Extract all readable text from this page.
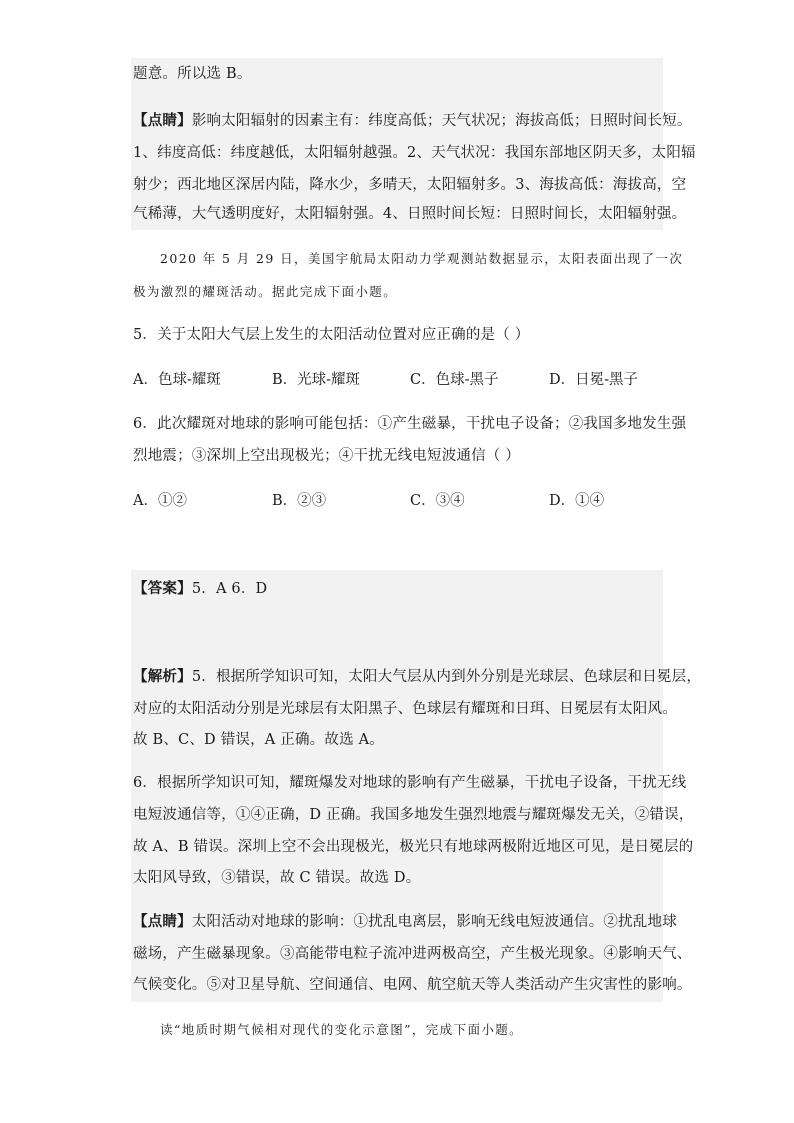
题意。所以选 B。
【点睛】影响太阳辐射的因素主有：纬度高低；天气状况；海拔高低；日照时间长短。
1、纬度高低：纬度越低，太阳辐射越强。2、天气状况：我国东部地区阴天多，太阳辐
射少；西北地区深居内陆，降水少，多晴天，太阳辐射多。3、海拔高低：海拔高，空
气稀薄，大气透明度好，太阳辐射强。4、日照时间长短：日照时间长，太阳辐射强。
2020 年 5 月 29 日，美国宇航局太阳动力学观测站数据显示，太阳表面出现了一次
极为激烈的耀斑活动。据此完成下面小题。
5．关于太阳大气层上发生的太阳活动位置对应正确的是（ ）
A．色球-耀斑	B．光球-耀斑	C．色球-黑子	D．日冕-黑子
6．此次耀斑对地球的影响可能包括：①产生磁暴，干扰电子设备；②我国多地发生强
烈地震；③深圳上空出现极光；④干扰无线电短波通信（ ）
A．①②	B．②③	C．③④	D．①④
【答案】5．A 6．D
【解析】5．根据所学知识可知，太阳大气层从内到外分别是光球层、色球层和日冕层，
对应的太阳活动分别是光球层有太阳黑子、色球层有耀斑和日珥、日冕层有太阳风。
故 B、C、D 错误，A 正确。故选 A。
6．根据所学知识可知，耀斑爆发对地球的影响有产生磁暴，干扰电子设备，干扰无线
电短波通信等，①④正确，D 正确。我国多地发生强烈地震与耀斑爆发无关，②错误，
故 A、B 错误。深圳上空不会出现极光，极光只有地球两极附近地区可见，是日冕层的
太阳风导致，③错误，故 C 错误。故选 D。
【点睛】太阳活动对地球的影响：①扰乱电离层，影响无线电短波通信。②扰乱地球
磁场，产生磁暴现象。③高能带电粒子流冲进两极高空，产生极光现象。④影响天气、
气候变化。⑤对卫星导航、空间通信、电网、航空航天等人类活动产生灾害性的影响。
读“地质时期气候相对现代的变化示意图”，完成下面小题。
